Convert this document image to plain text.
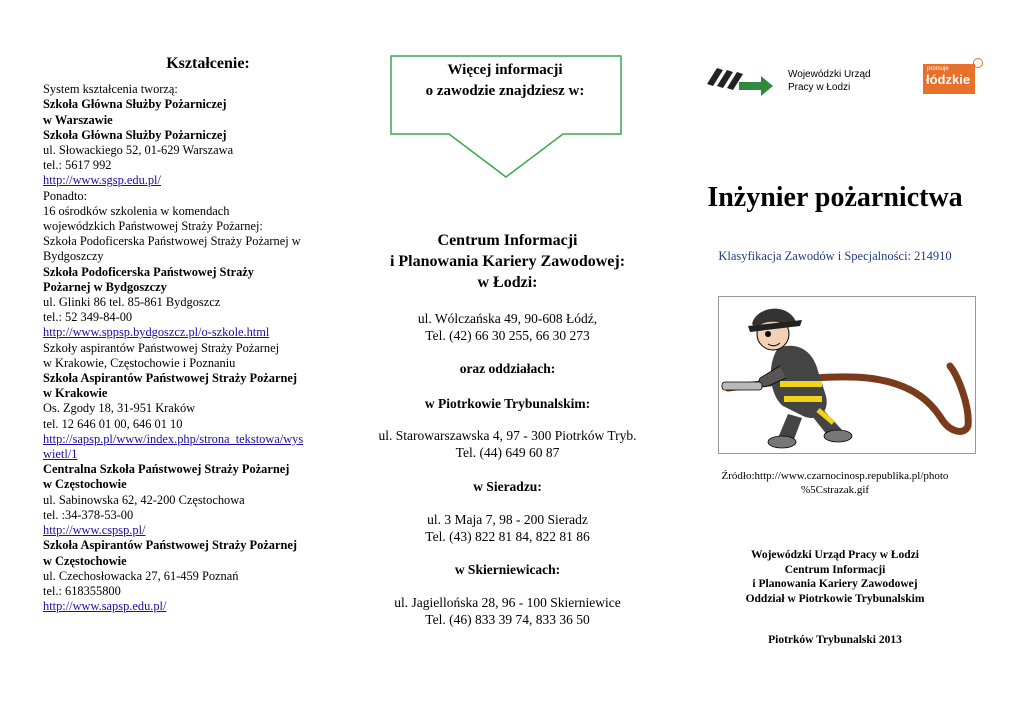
Kształcenie:
System kształcenia tworzą:
Szkoła Główna Służby Pożarniczej
w Warszawie
Szkoła Główna Służby Pożarniczej
ul. Słowackiego 52, 01-629 Warszawa
tel.: 5617 992
http://www.sgsp.edu.pl/
Ponadto:
16 ośrodków szkolenia w komendach
wojewódzkich Państwowej Straży Pożarnej:
Szkoła Podoficerska Państwowej Straży Pożarnej w
Bydgoszczy
Szkoła Podoficerska Państwowej Straży
Pożarnej w Bydgoszczy
ul. Glinki 86 tel. 85-861 Bydgoszcz
tel.: 52 349-84-00
http://www.sppsp.bydgoszcz.pl/o-szkole.html
Szkoły aspirantów Państwowej Straży Pożarnej
w Krakowie, Częstochowie i Poznaniu
Szkoła Aspirantów Państwowej Straży Pożarnej
w Krakowie
Os. Zgody 18, 31-951 Kraków
tel. 12 646 01 00, 646 01 10
http://sapsp.pl/www/index.php/strona_tekstowa/wys
wietl/1
Centralna Szkoła Państwowej Straży Pożarnej
w Częstochowie
ul. Sabinowska 62, 42-200 Częstochowa
tel. :34-378-53-00
http://www.cspsp.pl/
Szkoła Aspirantów Państwowej Straży Pożarnej
w Częstochowie
ul. Czechosłowacka 27, 61-459 Poznań
tel.: 618355800
http://www.sapsp.edu.pl/
Więcej informacji
o zawodzie znajdziesz w:
Centrum Informacji
i Planowania Kariery Zawodowej:
w Łodzi:
ul. Wólczańska 49, 90-608 Łódź,
Tel. (42) 66 30 255, 66 30 273
oraz oddziałach:
w Piotrkowie Trybunalskim:
ul. Starowarszawska 4, 97 - 300 Piotrków Tryb.
Tel. (44) 649 60 87
w Sieradzu:
ul. 3 Maja 7, 98 - 200 Sieradz
Tel. (43) 822 81 84, 822 81 86
w Skierniewicach:
ul. Jagiellońska 28, 96 - 100 Skierniewice
Tel. (46) 833 39 74, 833 36 50
Wojewódzki Urząd
Pracy w Łodzi
promuje
łódzkie
Inżynier pożarnictwa
Klasyfikacja Zawodów i Specjalności: 214910
Źródło:http://www.czarnocinosp.republika.pl/photo
%5Cstrazak.gif
Wojewódzki Urząd Pracy w Łodzi
Centrum Informacji
i Planowania Kariery Zawodowej
Oddział w Piotrkowie Trybunalskim
Piotrków Trybunalski 2013
